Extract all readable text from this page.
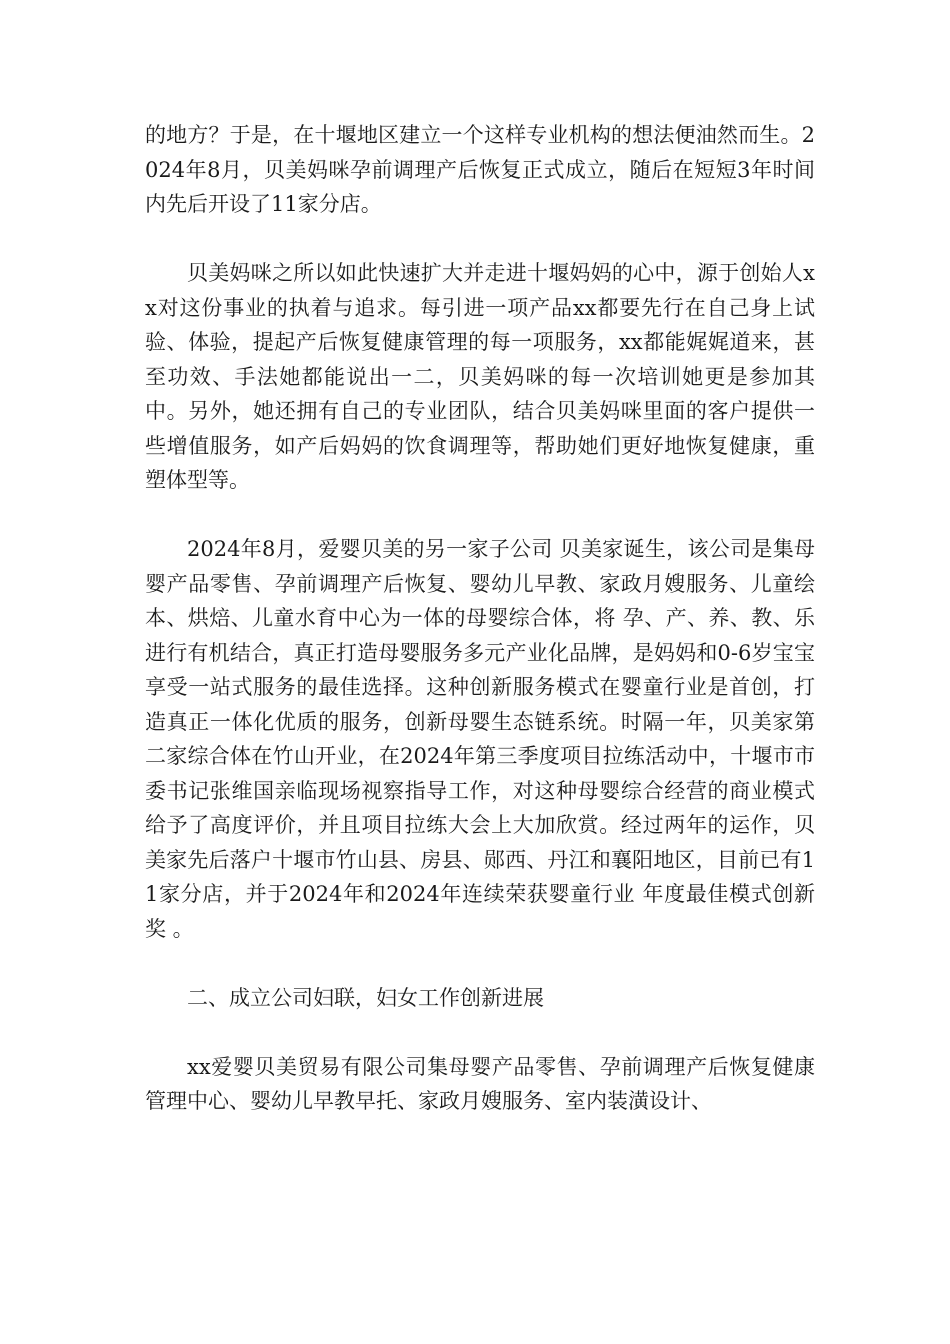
的地方？于是，在十堰地区建立一个这样专业机构的想法便油然而生。2024年8月，贝美妈咪孕前调理产后恢复正式成立，随后在短短3年时间内先后开设了11家分店。

贝美妈咪之所以如此快速扩大并走进十堰妈妈的心中，源于创始人xx对这份事业的执着与追求。每引进一项产品xx都要先行在自己身上试验、体验，提起产后恢复健康管理的每一项服务，xx都能娓娓道来，甚至功效、手法她都能说出一二，贝美妈咪的每一次培训她更是参加其中。另外，她还拥有自己的专业团队，结合贝美妈咪里面的客户提供一些增值服务，如产后妈妈的饮食调理等，帮助她们更好地恢复健康，重塑体型等。

2024年8月，爱婴贝美的另一家子公司 贝美家诞生，该公司是集母婴产品零售、孕前调理产后恢复、婴幼儿早教、家政月嫂服务、儿童绘本、烘焙、儿童水育中心为一体的母婴综合体，将 孕、产、养、教、乐 进行有机结合，真正打造母婴服务多元产业化品牌，是妈妈和0-6岁宝宝享受一站式服务的最佳选择。这种创新服务模式在婴童行业是首创，打造真正一体化优质的服务，创新母婴生态链系统。时隔一年，贝美家第二家综合体在竹山开业，在2024年第三季度项目拉练活动中，十堰市市委书记张维国亲临现场视察指导工作，对这种母婴综合经营的商业模式给予了高度评价，并且项目拉练大会上大加欣赏。经过两年的运作，贝美家先后落户十堰市竹山县、房县、郧西、丹江和襄阳地区，目前已有11家分店，并于2024年和2024年连续荣获婴童行业 年度最佳模式创新奖 。

二、成立公司妇联，妇女工作创新进展

xx爱婴贝美贸易有限公司集母婴产品零售、孕前调理产后恢复健康管理中心、婴幼儿早教早托、家政月嫂服务、室内装潢设计、
